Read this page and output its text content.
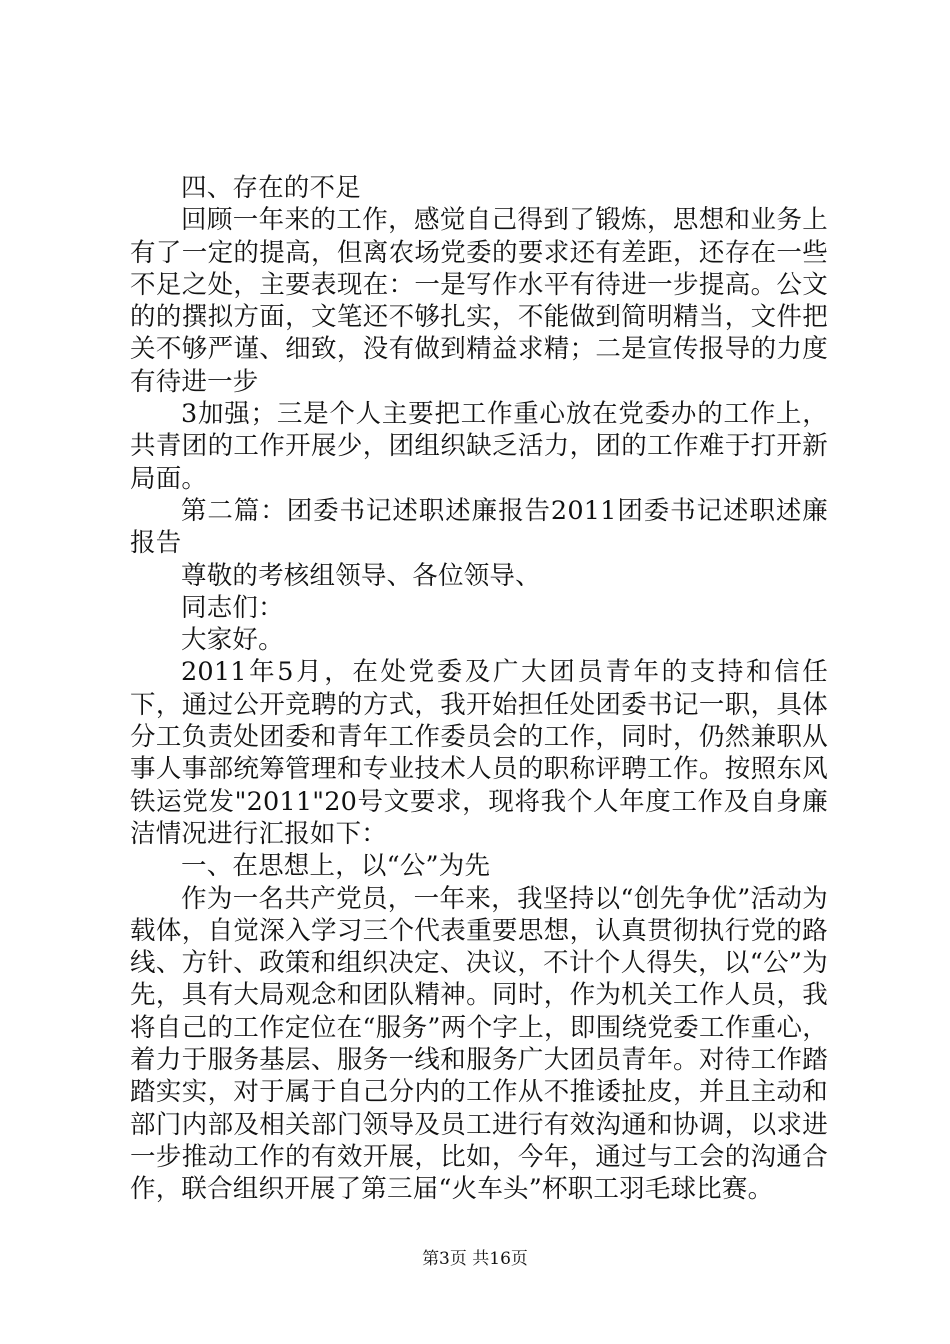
四、存在的不足

回顾一年来的工作，感觉自己得到了锻炼，思想和业务上有了一定的提高，但离农场党委的要求还有差距，还存在一些不足之处，主要表现在：一是写作水平有待进一步提高。公文的的撰拟方面，文笔还不够扎实，不能做到简明精当，文件把关不够严谨、细致，没有做到精益求精；二是宣传报导的力度有待进一步

3加强；三是个人主要把工作重心放在党委办的工作上，共青团的工作开展少，团组织缺乏活力，团的工作难于打开新局面。

第二篇：团委书记述职述廉报告2011团委书记述职述廉报告

尊敬的考核组领导、各位领导、

同志们：

大家好。

2011年5月，在处党委及广大团员青年的支持和信任下，通过公开竞聘的方式，我开始担任处团委书记一职，具体分工负责处团委和青年工作委员会的工作，同时，仍然兼职从事人事部统筹管理和专业技术人员的职称评聘工作。按照东风铁运党发"2011"20号文要求，现将我个人年度工作及自身廉洁情况进行汇报如下：

一、在思想上，以“公”为先

作为一名共产党员，一年来，我坚持以“创先争优”活动为载体，自觉深入学习三个代表重要思想，认真贯彻执行党的路线、方针、政策和组织决定、决议，不计个人得失，以“公”为先，具有大局观念和团队精神。同时，作为机关工作人员，我将自己的工作定位在“服务”两个字上，即围绕党委工作重心，着力于服务基层、服务一线和服务广大团员青年。对待工作踏踏实实，对于属于自己分内的工作从不推诿扯皮，并且主动和部门内部及相关部门领导及员工进行有效沟通和协调，以求进一步推动工作的有效开展，比如，今年，通过与工会的沟通合作，联合组织开展了第三届“火车头”杯职工羽毛球比赛。

第3页 共16页
